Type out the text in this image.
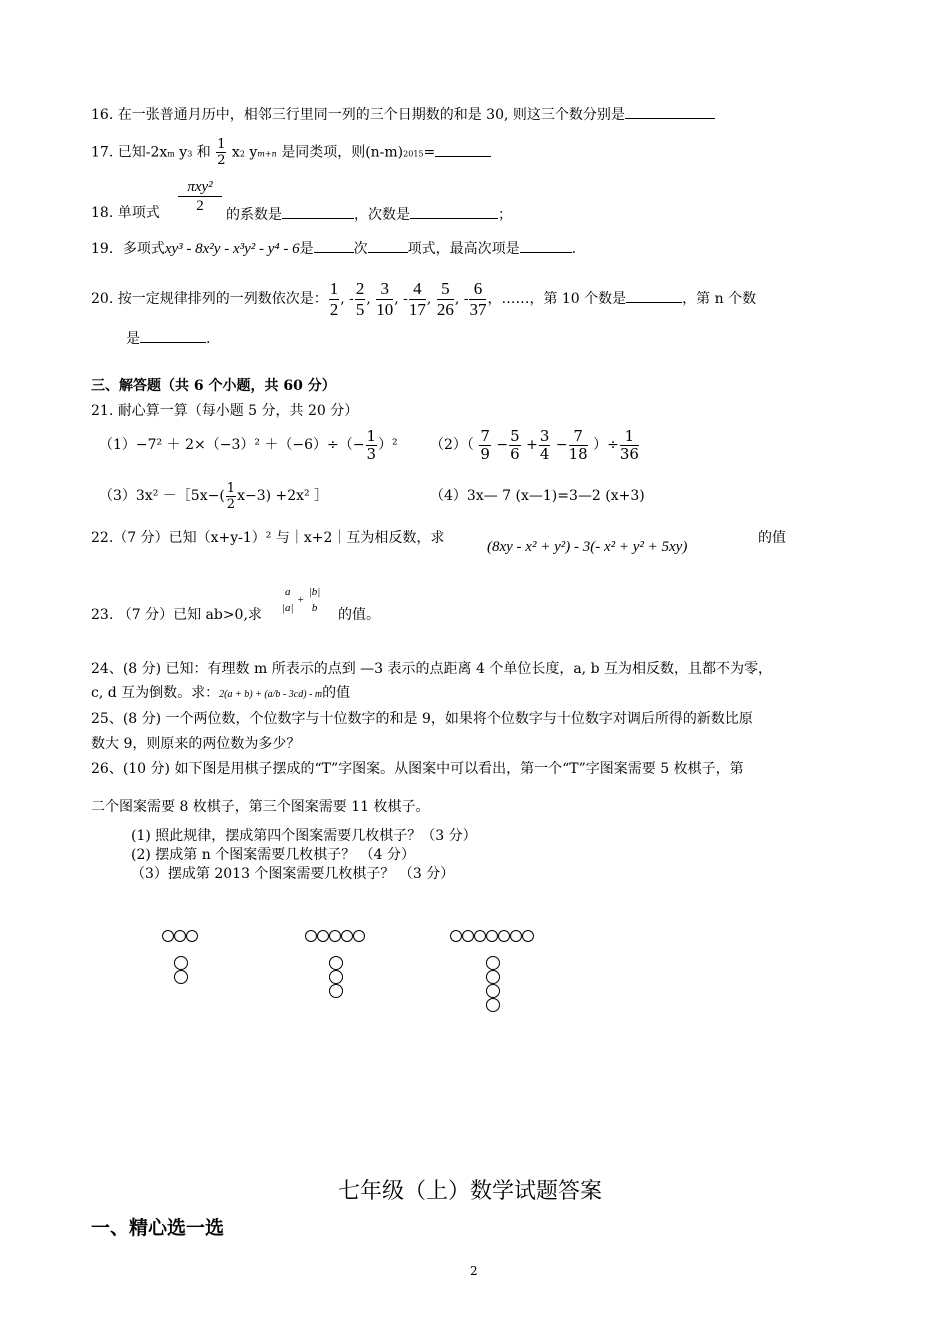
16. 在一张普通月历中，相邻三行里同一列的三个日期数的和是 30, 则这三个数分别是
17. 已知-2xm y3 和 $\frac{1}{2} x2$ ym+n 是同类项，则(n-m)2015=
18. 单项式
πxy²
2
的系数是	，次数是	；
19．多项式xy³ - 8x²y - x³y² - y⁴ - 6是	次	项式，最高次项是	.
20. 按一定规律排列的一列数依次是： $\frac{1}{2}$ , - $\frac{2}{5}$ , $\frac{3}{10}$ , - $\frac{4}{17}$ , $\frac{5}{26}$ , - $\frac{6}{37}$ ，……，第 10 个数是	，第 n 个数
是	.
三、解答题（共 6 个小题，共 60 分）
21. 耐心算一算（每小题 5 分，共 20 分）
$(1)-7^2 + 2\times(-3)^2 +(-6)\div(- \frac{1}{3} )^2$ $(2)( \frac{7}{9} - \frac{5}{6} + \frac{3}{4} - \frac{7}{18}$ ）÷ $\frac{1}{36}$
（3）3x² －［5x−( $\frac{1}{2} x-3) +2x^2$ ］	（4）3x— 7 (x—1)=3—2 (x+3)
22.（7 分）已知（x+y-1）² 与｜x+2｜互为相反数，求
(8xy - x² + y²) - 3(- x² + y² + 5xy)
的值
23. （7 分）已知 ab>0,求
a
|a|
+
|b|
b 的值。
24、(8 分) 已知：有理数 m 所表示的点到 —3 表示的点距离 4 个单位长度，a, b 互为相反数，且都不为零，
c, d 互为倒数。求：2(a + b) + (a/b - 3cd) - m的值
25、(8 分) 一个两位数，个位数字与十位数字的和是 9，如果将个位数字与十位数字对调后所得的新数比原
数大 9，则原来的两位数为多少？
26、(10 分) 如下图是用棋子摆成的“T”字图案。从图案中可以看出，第一个“T”字图案需要 5 枚棋子，第
二个图案需要 8 枚棋子，第三个图案需要 11 枚棋子。
(1) 照此规律，摆成第四个图案需要几枚棋子？（3 分）
(2) 摆成第 n 个图案需要几枚棋子？ （4 分）
（3）摆成第 2013 个图案需要几枚棋子？ （3 分）
七年级（上）数学试题答案
一、精心选一选
2
